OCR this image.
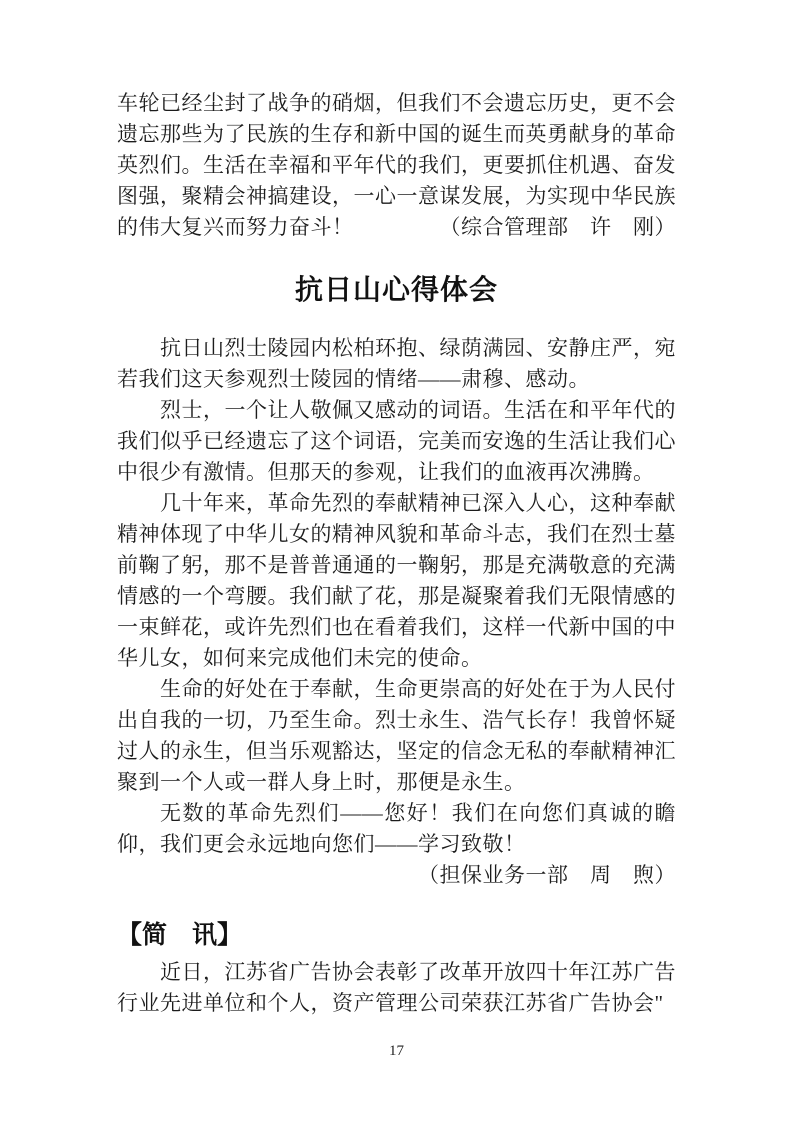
车轮已经尘封了战争的硝烟，但我们不会遗忘历史，更不会遗忘那些为了民族的生存和新中国的诞生而英勇献身的革命英烈们。生活在幸福和平年代的我们，更要抓住机遇、奋发图强，聚精会神搞建设，一心一意谋发展，为实现中华民族的伟大复兴而努力奋斗！	（综合管理部　许　刚）

抗日山心得体会

抗日山烈士陵园内松柏环抱、绿荫满园、安静庄严，宛若我们这天参观烈士陵园的情绪——肃穆、感动。

烈士，一个让人敬佩又感动的词语。生活在和平年代的我们似乎已经遗忘了这个词语，完美而安逸的生活让我们心中很少有激情。但那天的参观，让我们的血液再次沸腾。

几十年来，革命先烈的奉献精神已深入人心，这种奉献精神体现了中华儿女的精神风貌和革命斗志，我们在烈士墓前鞠了躬，那不是普普通通的一鞠躬，那是充满敬意的充满情感的一个弯腰。我们献了花，那是凝聚着我们无限情感的一束鲜花，或许先烈们也在看着我们，这样一代新中国的中华儿女，如何来完成他们未完的使命。

生命的好处在于奉献，生命更崇高的好处在于为人民付出自我的一切，乃至生命。烈士永生、浩气长存！我曾怀疑过人的永生，但当乐观豁达，坚定的信念无私的奉献精神汇聚到一个人或一群人身上时，那便是永生。

无数的革命先烈们——您好！我们在向您们真诚的瞻仰，我们更会永远地向您们——学习致敬！

（担保业务一部　周　煦）
【简　讯】

近日，江苏省广告协会表彰了改革开放四十年江苏广告行业先进单位和个人，资产管理公司荣获江苏省广告协会"

17
